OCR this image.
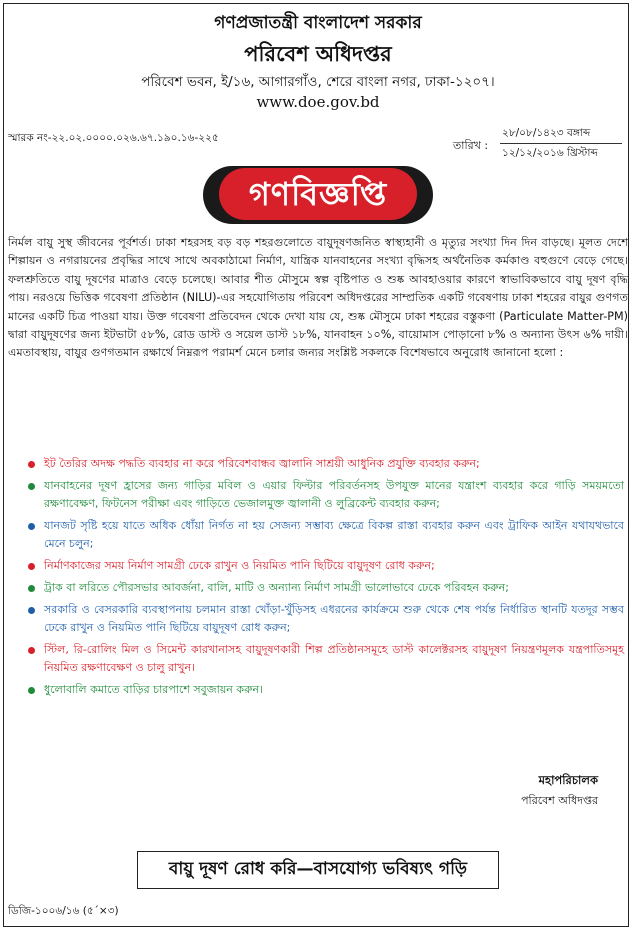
গণপ্রজাতন্ত্রী বাংলাদেশ সরকার
পরিবেশ অধিদপ্তর
পরিবেশ ভবন, ই/১৬, আগারগাঁও, শেরে বাংলা নগর, ঢাকা-১২০৭।
www.doe.gov.bd
স্মারক নং-২২.০২.০০০০.০২৬.৬৭.১৯০.১৬-২২৫
তারিখ :
২৮/০৮/১৪২৩ বঙ্গাব্দ
১২/১২/২০১৬ খ্রিস্টাব্দ
গণবিজ্ঞপ্তি
নির্মল বায়ু সুস্থ জীবনের পূর্বশর্ত। ঢাকা শহরসহ বড় বড় শহরগুলোতে বায়ুদূষণজনিত স্বাস্থ্যহানী ও মৃত্যুর সংখ্যা দিন দিন বাড়ছে। মূলত দেশে শিল্পায়ন ও নগরায়নের প্রবৃদ্ধির সাথে সাথে অবকাঠামো নির্মাণ, যান্ত্রিক যানবাহনের সংখ্যা বৃদ্ধিসহ অর্থনৈতিক কর্মকাণ্ড বহুগুণে বেড়ে গেছে। ফলশ্রুতিতে বায়ু দূষণের মাত্রাও বেড়ে চলেছে। আবার শীত মৌসুমে স্বল্প বৃষ্টিপাত ও শুষ্ক আবহাওয়ার কারণে স্বাভাবিকভাবে বায়ু দূষণ বৃদ্ধি পায়। নরওয়ে ভিত্তিক গবেষণা প্রতিষ্ঠান (NILU)-এর সহযোগিতায় পরিবেশ অধিদপ্তরের সাম্প্রতিক একটি গবেষণায় ঢাকা শহরের বায়ুর গুণগত মানের একটি চিত্র পাওয়া যায়। উক্ত গবেষণা প্রতিবেদন থেকে দেখা যায় যে, শুষ্ক মৌসুমে ঢাকা শহরের বস্তুকণা (Particulate Matter-PM) দ্বারা বায়ুদূষণের জন্য ইটভাটা ৫৮%, রোড ডাস্ট ও সয়েল ডাস্ট ১৮%, যানবাহন ১০%, বায়োমাস পোড়ানো ৮% ও অন্যান্য উৎস ৬% দায়ী। এমতাবস্থায়, বায়ুর গুণগতমান রক্ষার্থে নিম্নরূপ পরামর্শ মেনে চলার জন্যর সংশ্লিষ্ট সকলকে বিশেষভাবে অনুরোধ জানানো হলো :
ইট তৈরির অদক্ষ পদ্ধতি ব্যবহার না করে পরিবেশবান্ধব জ্বালানি সাশ্রয়ী আধুনিক প্রযুক্তি ব্যবহার করুন;
যানবাহনের দূষণ হ্রাসের জন্য গাড়ির মবিল ও এয়ার ফিল্টার পরিবর্তনসহ উপযুক্ত মানের যন্ত্রাংশ ব্যবহার করে গাড়ি সময়মতো রক্ষণাবেক্ষণ, ফিটনেস পরীক্ষা এবং গাড়িতে ভেজালমুক্ত জ্বালানী ও লুব্রিকেন্ট ব্যবহার করুন;
যানজট সৃষ্টি হয়ে যাতে অধিক ধোঁয়া নির্গত না হয় সেজন্য সম্ভাব্য ক্ষেত্রে বিকল্প রাস্তা ব্যবহার করুন এবং ট্রাফিক আইন যথাযথভাবে মেনে চলুন;
নির্মাণকাজের সময় নির্মাণ সামগ্রী ঢেকে রাখুন ও নিয়মিত পানি ছিটিয়ে বায়ুদূষণ রোধ করুন;
ট্রাক বা লরিতে পৌরসভার আবর্জনা, বালি, মাটি ও অন্যান্য নির্মাণ সামগ্রী ভালোভাবে ঢেকে পরিবহন করুন;
সরকারি ও বেসরকারি ব্যবস্থাপনায় চলমান রাস্তা খোঁড়া-খুঁড়িসহ এধরনের কার্যক্রমে শুরু থেকে শেষ পর্যন্ত নির্ধারিত স্থানটি যতদূর সম্ভব ঢেকে রাখুন ও নিয়মিত পানি ছিটিয়ে বায়ুদূষণ রোধ করুন;
স্টিল, রি-রোলিং মিল ও সিমেন্ট কারখানাসহ বায়ুদূষণকারী শিল্প প্রতিষ্ঠানসমূহে ডাস্ট কালেক্টরসহ বায়ুদূষণ নিয়ন্ত্রণমূলক যন্ত্রপাতিসমূহ নিয়মিত রক্ষণাবেক্ষণ ও চালু রাখুন।
ধুলোবালি কমাতে বাড়ির চারপাশে সবুজায়ন করুন।
মহাপরিচালক
পরিবেশ অধিদপ্তর
বায়ু দূষণ রোধ করি—বাসযোগ্য ভবিষ্যৎ গড়ি
ডিজি-১০০৬/১৬ (৫´×৩)
